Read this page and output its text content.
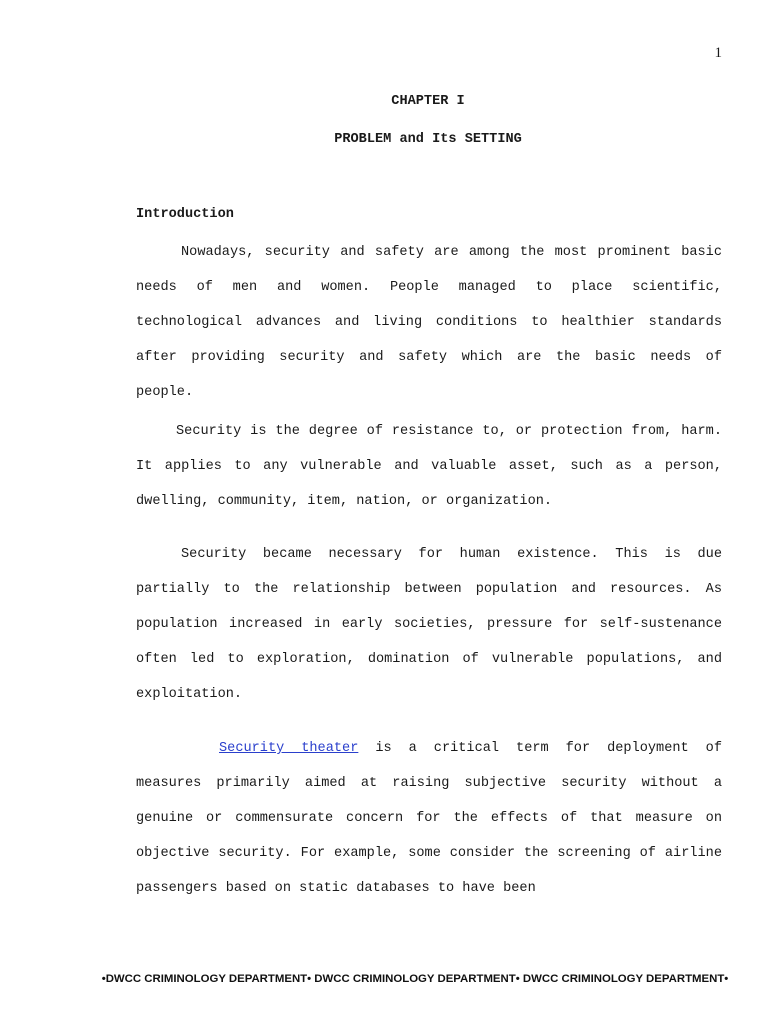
1
CHAPTER I
PROBLEM and Its SETTING
Introduction

Nowadays, security and safety are among the most prominent basic needs of men and women. People managed to place scientific, technological advances and living conditions to healthier standards after providing security and safety which are the basic needs of people.

Security is the degree of resistance to, or protection from, harm. It applies to any vulnerable and valuable asset, such as a person, dwelling, community, item, nation, or organization.

Security became necessary for human existence. This is due partially to the relationship between population and resources. As population increased in early societies, pressure for self-sustenance often led to exploration, domination of vulnerable populations, and exploitation.

Security theater is a critical term for deployment of measures primarily aimed at raising subjective security without a genuine or commensurate concern for the effects of that measure on objective security. For example, some consider the screening of airline passengers based on static databases to have been

•DWCC CRIMINOLOGY DEPARTMENT• DWCC CRIMINOLOGY DEPARTMENT• DWCC CRIMINOLOGY DEPARTMENT•
